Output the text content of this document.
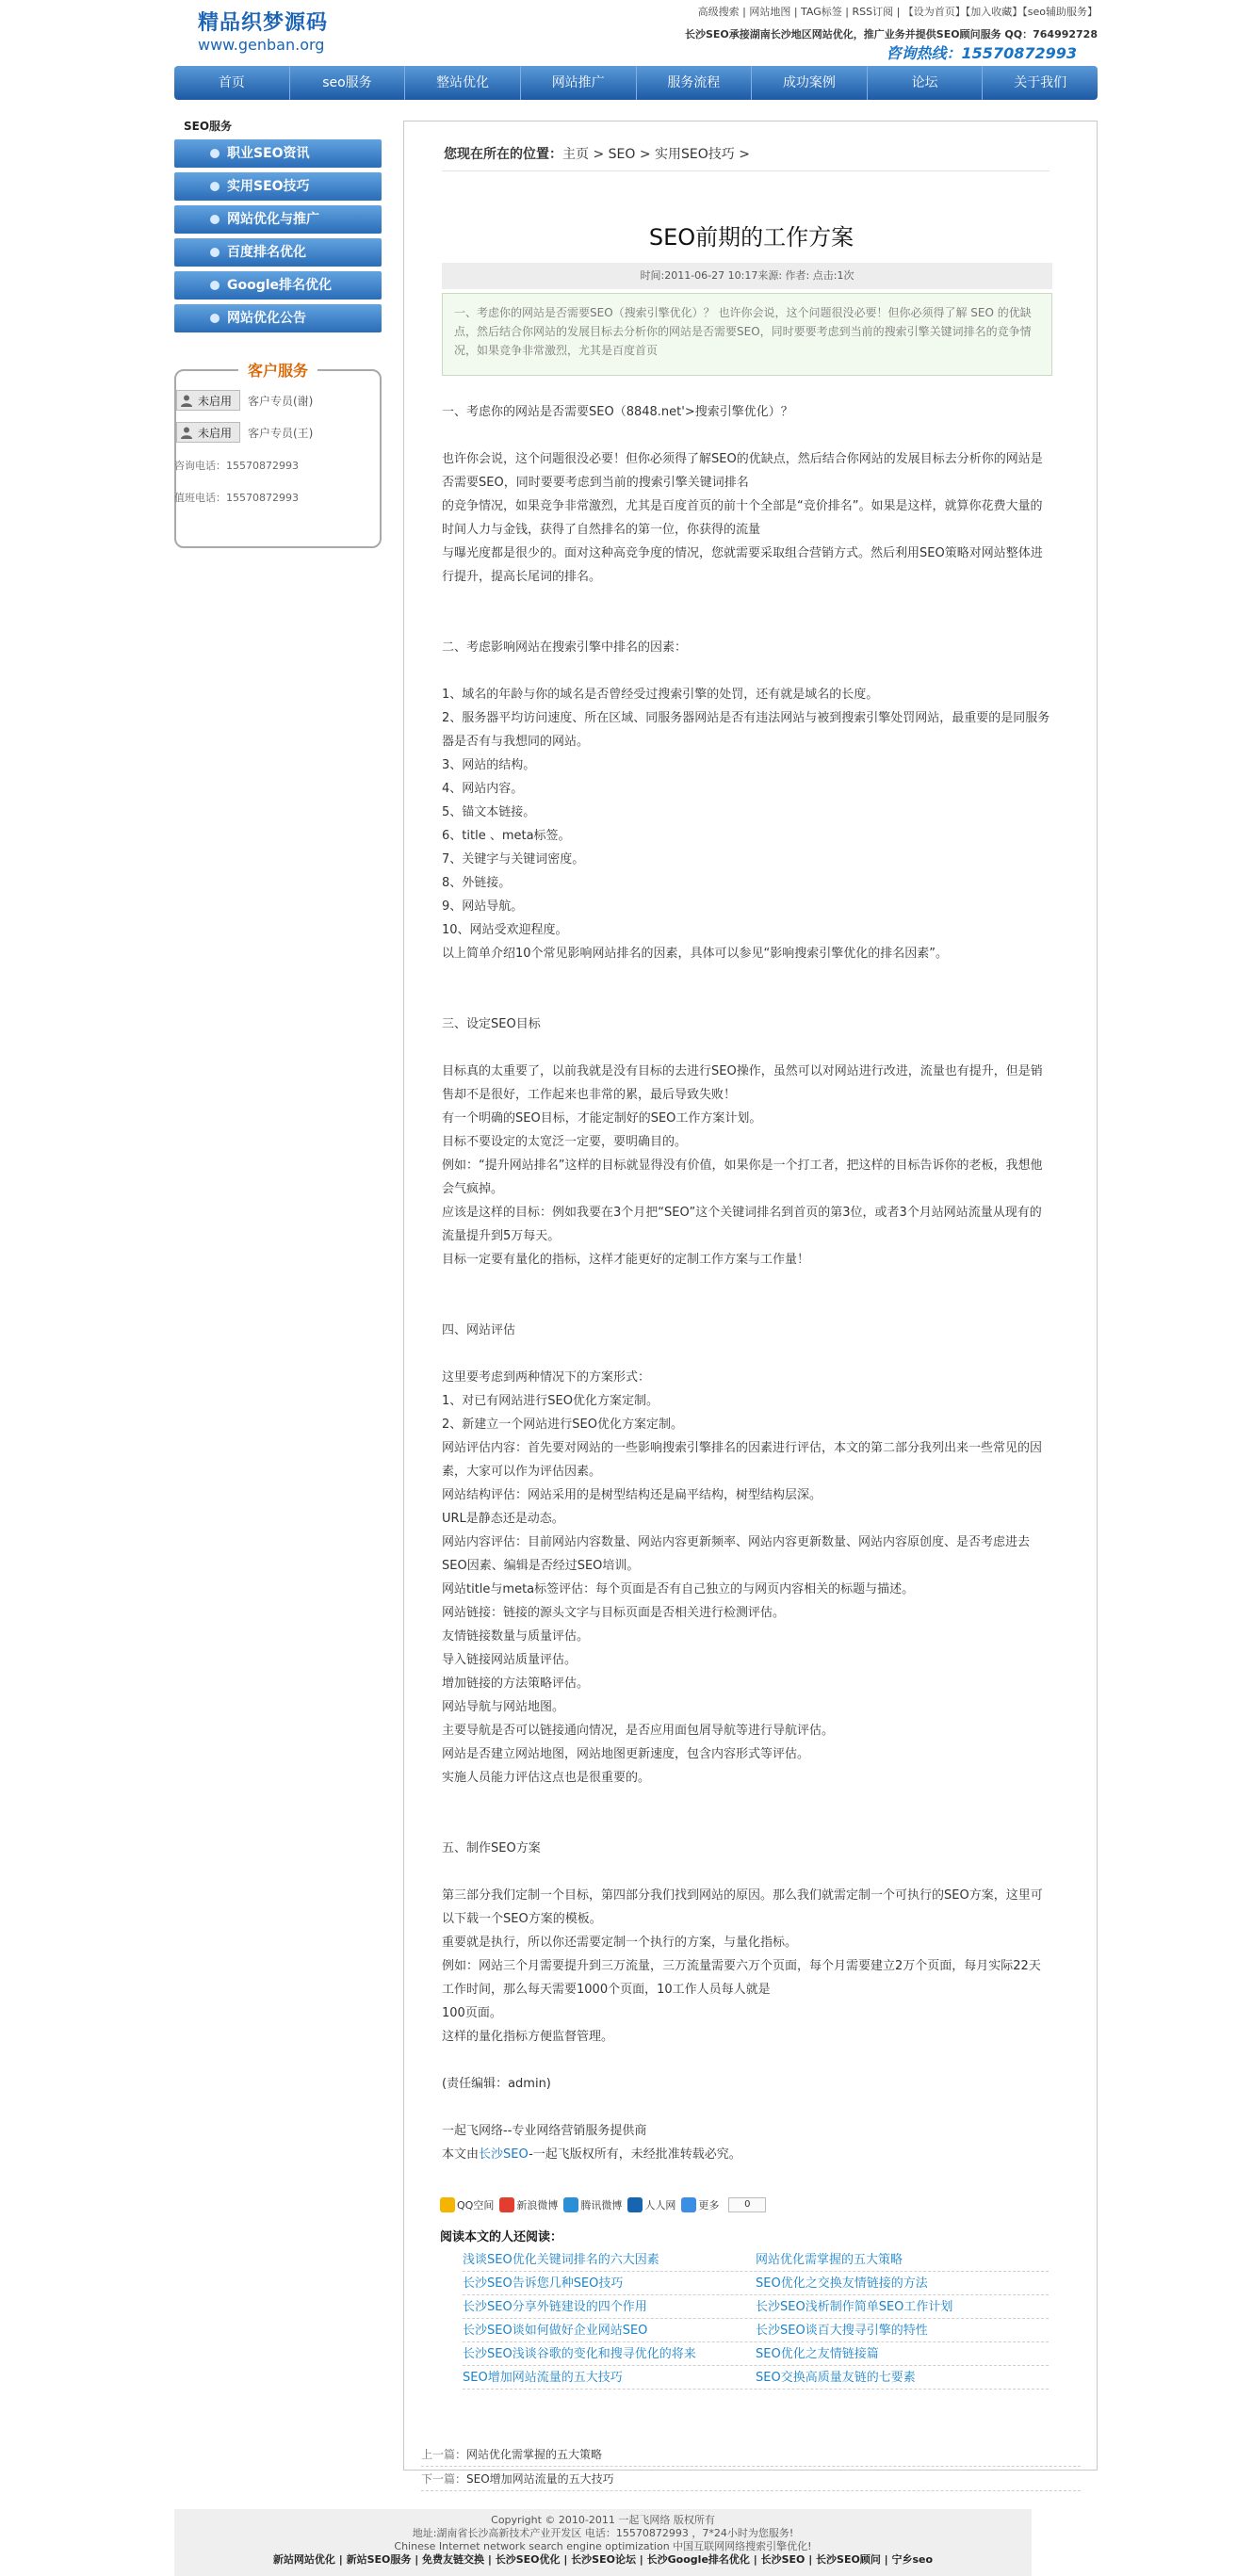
精品织梦源码
www.genban.org
高级搜索 | 网站地图 | TAG标签 | RSS订阅 | 【设为首页】【加入收藏】【seo辅助服务】
长沙SEO承接湖南长沙地区网站优化，推广业务并提供SEO顾问服务 QQ：764992728
咨询热线：15570872993
首页	seo服务	整站优化	网站推广	服务流程	成功案例	论坛	关于我们
SEO服务
职业SEO资讯
实用SEO技巧
网站优化与推广
百度排名优化
Google排名优化
网站优化公告
客户服务
未启用 客户专员(谢)
未启用 客户专员(王)
咨询电话：15570872993
值班电话：15570872993
您现在所在的位置：主页 > SEO > 实用SEO技巧 >
SEO前期的工作方案
时间:2011-06-27 10:17来源: 作者: 点击:1次
一、考虑你的网站是否需要SEO（搜索引擎优化）？ 也许你会说，这个问题很没必要！但你必须得了解 SEO 的优缺点，然后结合你网站的发展目标去分析你的网站是否需要SEO，同时要要考虑到当前的搜索引擎关键词排名的竞争情况，如果竞争非常激烈，尤其是百度首页

一、考虑你的网站是否需要SEO（8848.net'>搜索引擎优化）？

也许你会说，这个问题很没必要！但你必须得了解SEO的优缺点，然后结合你网站的发展目标去分析你的网站是否需要SEO，同时要要考虑到当前的搜索引擎关键词排名

的竞争情况，如果竞争非常激烈，尤其是百度首页的前十个全部是“竞价排名”。如果是这样，就算你花费大量的时间人力与金钱，获得了自然排名的第一位，你获得的流量

与曝光度都是很少的。面对这种高竞争度的情况，您就需要采取组合营销方式。然后利用SEO策略对网站整体进行提升，提高长尾词的排名。

二、考虑影响网站在搜索引擎中排名的因素：

1、域名的年龄与你的域名是否曾经受过搜索引擎的处罚，还有就是域名的长度。

2、服务器平均访问速度、所在区域、同服务器网站是否有违法网站与被到搜索引擎处罚网站，最重要的是同服务器是否有与我想同的网站。

3、网站的结构。

4、网站内容。

5、锚文本链接。

6、title 、meta标签。

7、关键字与关键词密度。

8、外链接。

9、网站导航。

10、网站受欢迎程度。

以上简单介绍10个常见影响网站排名的因素，具体可以参见“影响搜索引擎优化的排名因素”。

三、设定SEO目标

目标真的太重要了，以前我就是没有目标的去进行SEO操作，虽然可以对网站进行改进，流量也有提升，但是销售却不是很好，工作起来也非常的累，最后导致失败！

有一个明确的SEO目标，才能定制好的SEO工作方案计划。

目标不要设定的太宽泛一定要，要明确目的。

例如：“提升网站排名”这样的目标就显得没有价值，如果你是一个打工者，把这样的目标告诉你的老板，我想他会气疯掉。

应该是这样的目标：例如我要在3个月把“SEO”这个关键词排名到首页的第3位，或者3个月站网站流量从现有的流量提升到5万每天。

目标一定要有量化的指标，这样才能更好的定制工作方案与工作量！

四、网站评估

这里要考虑到两种情况下的方案形式：

1、对已有网站进行SEO优化方案定制。

2、新建立一个网站进行SEO优化方案定制。

网站评估内容：首先要对网站的一些影响搜索引擎排名的因素进行评估，本文的第二部分我列出来一些常见的因素，大家可以作为评估因素。

网站结构评估：网站采用的是树型结构还是扁平结构，树型结构层深。

URL是静态还是动态。

网站内容评估：目前网站内容数量、网站内容更新频率、网站内容更新数量、网站内容原创度、是否考虑进去SEO因素、编辑是否经过SEO培训。

网站title与meta标签评估：每个页面是否有自己独立的与网页内容相关的标题与描述。

网站链接：链接的源头文字与目标页面是否相关进行检测评估。

友情链接数量与质量评估。

导入链接网站质量评估。

增加链接的方法策略评估。

网站导航与网站地图。

主要导航是否可以链接通向情况，是否应用面包屑导航等进行导航评估。

网站是否建立网站地图，网站地图更新速度，包含内容形式等评估。

实施人员能力评估这点也是很重要的。

五、制作SEO方案

第三部分我们定制一个目标，第四部分我们找到网站的原因。那么我们就需定制一个可执行的SEO方案，这里可以下载一个SEO方案的模板。

重要就是执行，所以你还需要定制一个执行的方案，与量化指标。

例如：网站三个月需要提升到三万流量，三万流量需要六万个页面，每个月需要建立2万个页面，每月实际22天工作时间，那么每天需要1000个页面，10工作人员每人就是

100页面。

这样的量化指标方便监督管理。

(责任编辑：admin)

一起飞网络--专业网络营销服务提供商

本文由长沙SEO-一起飞版权所有，未经批准转载必究。

QQ空间 新浪微博 腾讯微博 人人网 更多	0
阅读本文的人还阅读：
浅谈SEO优化关键词排名的六大因素	网站优化需掌握的五大策略
长沙SEO告诉您几种SEO技巧	SEO优化之交换友情链接的方法
长沙SEO分享外链建设的四个作用	长沙SEO浅析制作简单SEO工作计划
长沙SEO谈如何做好企业网站SEO	长沙SEO谈百大搜寻引擎的特性
长沙SEO浅谈谷歌的变化和搜寻优化的将来	SEO优化之友情链接篇
SEO增加网站流量的五大技巧	SEO交换高质量友链的七要素
上一篇：网站优化需掌握的五大策略
下一篇：SEO增加网站流量的五大技巧
Copyright © 2010-2011 一起飞网络 版权所有
地址:湖南省长沙高新技术产业开发区 电话：15570872993 ，7*24小时为您服务!
Chinese Internet network search engine optimization 中国互联网网络搜索引擎优化!
新站网站优化 | 新站SEO服务 | 免费友链交换 | 长沙SEO优化 | 长沙SEO论坛 | 长沙Google排名优化 | 长沙SEO | 长沙SEO顾问 | 宁乡seo
